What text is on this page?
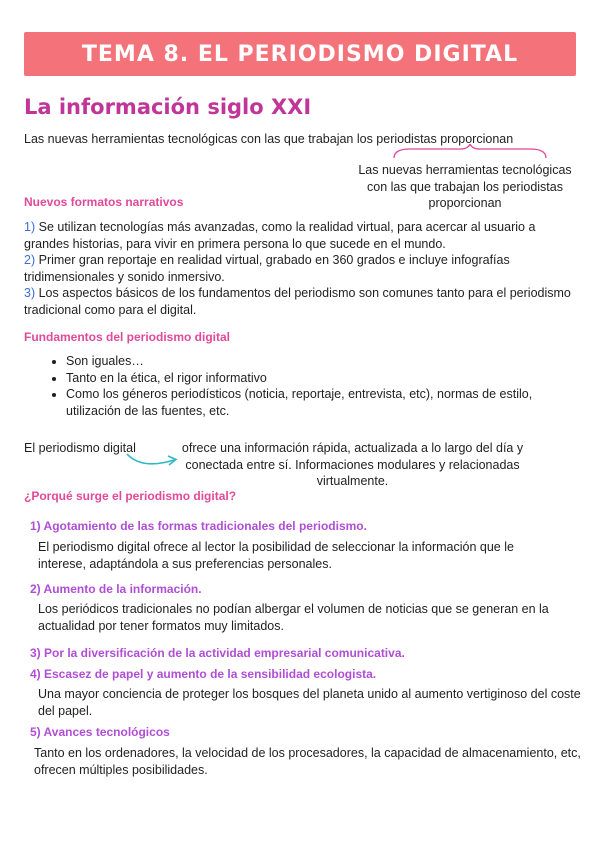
TEMA 8. EL PERIODISMO DIGITAL
La información siglo XXI
Las nuevas herramientas tecnológicas con las que trabajan los periodistas proporcionan
Las nuevas herramientas tecnológicas
con las que trabajan los periodistas
proporcionan
Nuevos formatos narrativos
1) Se utilizan tecnologías más avanzadas, como la realidad virtual, para acercar al usuario a
grandes historias, para vivir en primera persona lo que sucede en el mundo.
2) Primer gran reportaje en realidad virtual, grabado en 360 grados e incluye infografías
tridimensionales y sonido inmersivo.
3) Los aspectos básicos de los fundamentos del periodismo son comunes tanto para el periodismo
tradicional como para el digital.
Fundamentos del periodismo digital
• Son iguales…
• Tanto en la ética, el rigor informativo
• Como los géneros periodísticos (noticia, reportaje, entrevista, etc), normas de estilo,
utilización de las fuentes, etc.
El periodismo digital	ofrece una información rápida, actualizada a lo largo del día y
conectada entre sí. Informaciones modulares y relacionadas
virtualmente.
¿Porqué surge el periodismo digital?
1) Agotamiento de las formas tradicionales del periodismo.
El periodismo digital ofrece al lector la posibilidad de seleccionar la información que le
interese, adaptándola a sus preferencias personales.
2) Aumento de la información.
Los periódicos tradicionales no podían albergar el volumen de noticias que se generan en la
actualidad por tener formatos muy limitados.
3) Por la diversificación de la actividad empresarial comunicativa.
4) Escasez de papel y aumento de la sensibilidad ecologista.
Una mayor conciencia de proteger los bosques del planeta unido al aumento vertiginoso del coste
del papel.
5) Avances tecnológicos
Tanto en los ordenadores, la velocidad de los procesadores, la capacidad de almacenamiento, etc,
ofrecen múltiples posibilidades.
